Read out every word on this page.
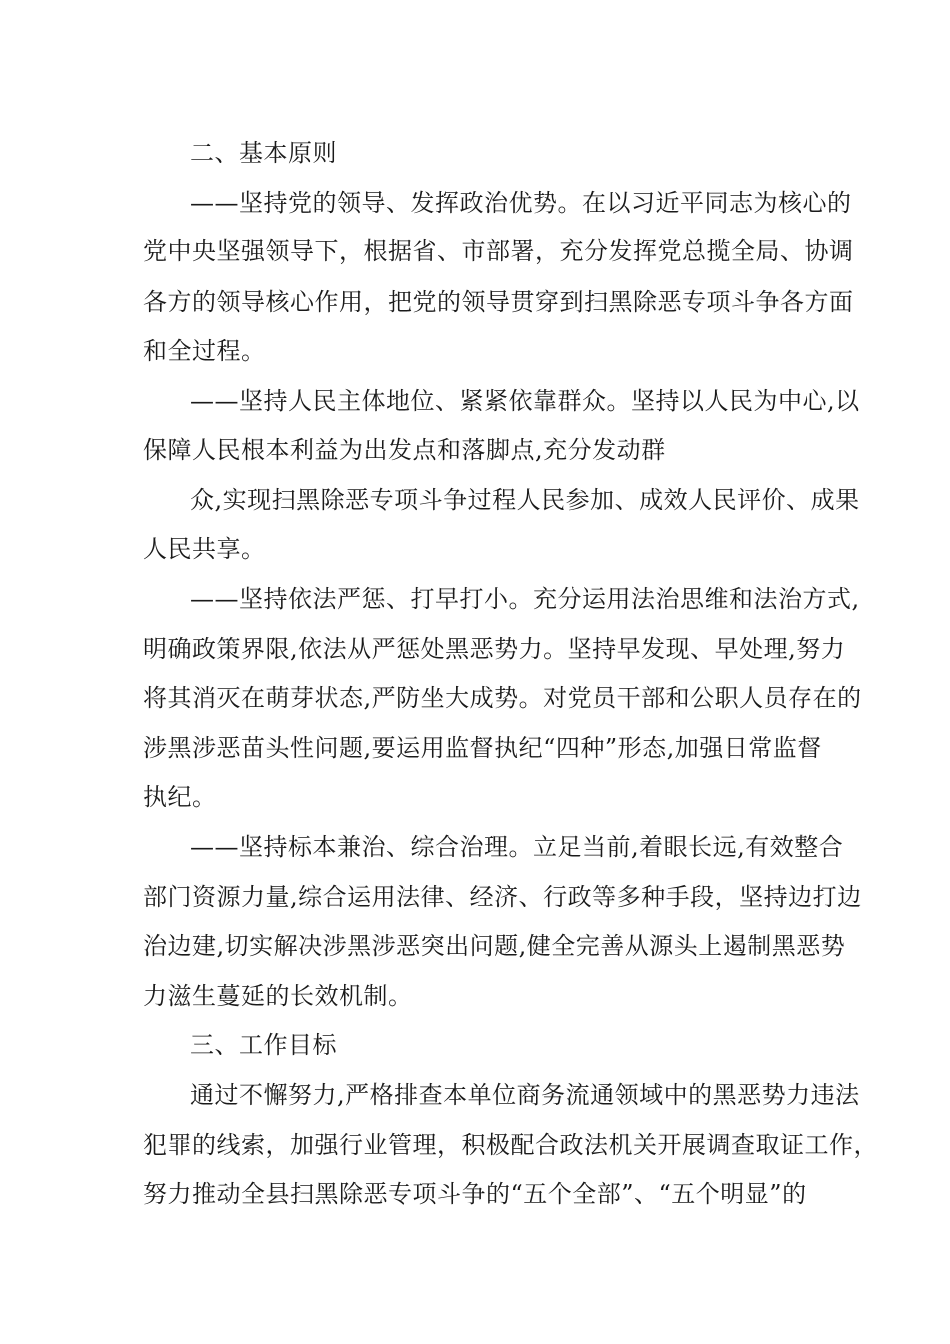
二、基本原则
——坚持党的领导、发挥政治优势。在以习近平同志为核心的
党中央坚强领导下，根据省、市部署，充分发挥党总揽全局、协调
各方的领导核心作用，把党的领导贯穿到扫黑除恶专项斗争各方面
和全过程。
——坚持人民主体地位、紧紧依靠群众。坚持以人民为中心,以
保障人民根本利益为出发点和落脚点,充分发动群
众,实现扫黑除恶专项斗争过程人民参加、成效人民评价、成果
人民共享。
——坚持依法严惩、打早打小。充分运用法治思维和法治方式,
明确政策界限,依法从严惩处黑恶势力。坚持早发现、早处理,努力
将其消灭在萌芽状态,严防坐大成势。对党员干部和公职人员存在的
涉黑涉恶苗头性问题,要运用监督执纪“四种”形态,加强日常监督
执纪。
——坚持标本兼治、综合治理。立足当前,着眼长远,有效整合
部门资源力量,综合运用法律、经济、行政等多种手段，坚持边打边
治边建,切实解决涉黑涉恶突出问题,健全完善从源头上遏制黑恶势
力滋生蔓延的长效机制。
三、工作目标
通过不懈努力,严格排查本单位商务流通领域中的黑恶势力违法
犯罪的线索，加强行业管理，积极配合政法机关开展调查取证工作，
努力推动全县扫黑除恶专项斗争的“五个全部”、“五个明显”的
